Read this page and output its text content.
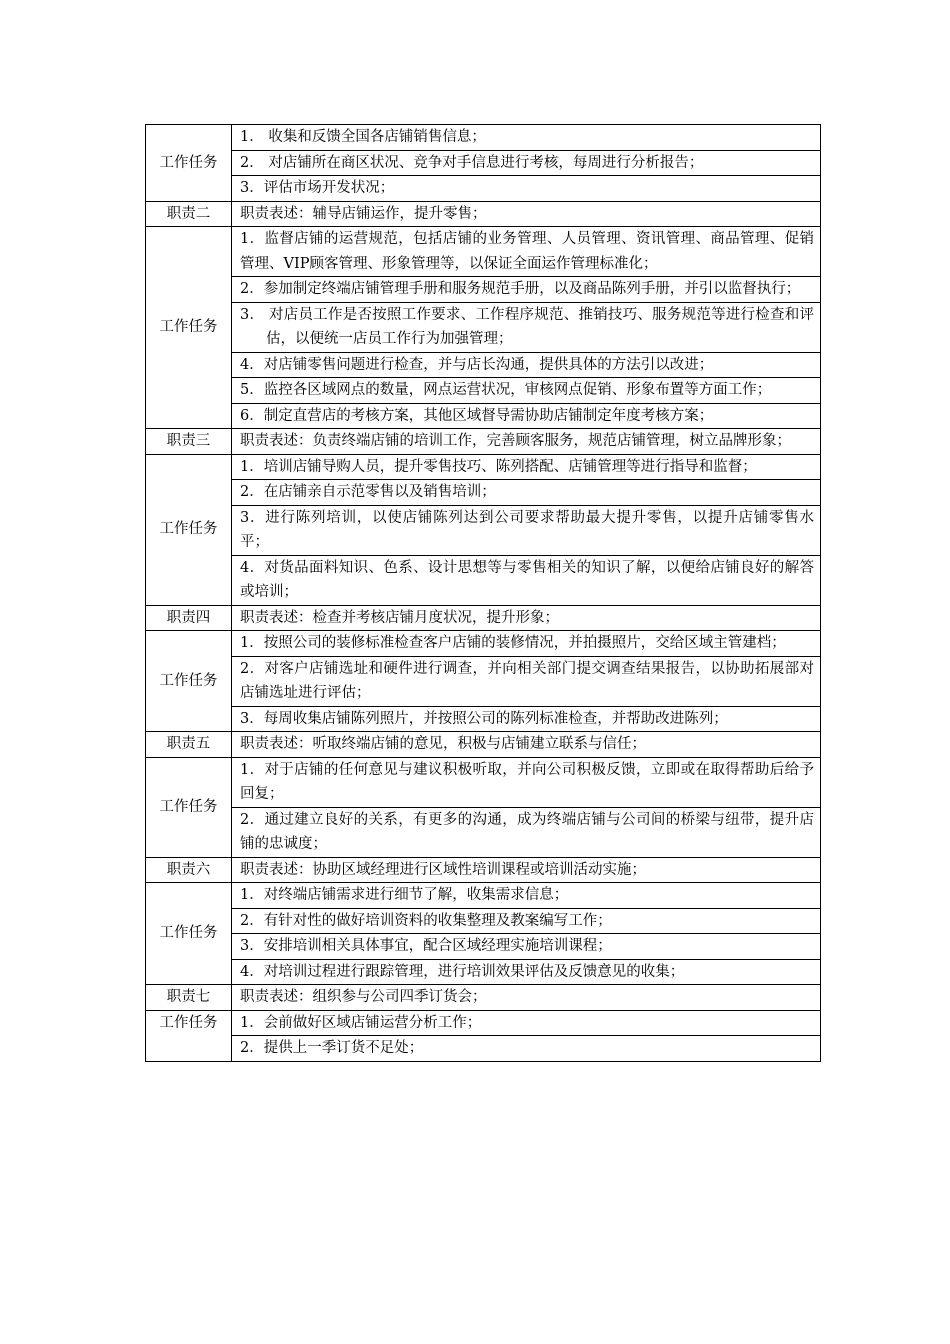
工作任务	1． 收集和反馈全国各店铺销售信息；
	2． 对店铺所在商区状况、竞争对手信息进行考核，每周进行分析报告；
	3．评估市场开发状况；
职责二	职责表述：辅导店铺运作，提升零售；
工作任务	1．监督店铺的运营规范，包括店铺的业务管理、人员管理、资讯管理、商品管理、促销管理、VIP顾客管理、形象管理等，以保证全面运作管理标准化；
	2．参加制定终端店铺管理手册和服务规范手册，以及商品陈列手册，并引以监督执行；
	3． 对店员工作是否按照工作要求、工作程序规范、推销技巧、服务规范等进行检查和评估，以便统一店员工作行为加强管理；
	4．对店铺零售问题进行检查，并与店长沟通，提供具体的方法引以改进；
	5．监控各区域网点的数量，网点运营状况，审核网点促销、形象布置等方面工作；
	6．制定直营店的考核方案，其他区域督导需协助店铺制定年度考核方案；
职责三	职责表述：负责终端店铺的培训工作，完善顾客服务，规范店铺管理，树立品牌形象；
工作任务	1．培训店铺导购人员，提升零售技巧、陈列搭配、店铺管理等进行指导和监督；
	2．在店铺亲自示范零售以及销售培训；
	3．进行陈列培训，以使店铺陈列达到公司要求帮助最大提升零售，以提升店铺零售水平；
	4．对货品面料知识、色系、设计思想等与零售相关的知识了解，以便给店铺良好的解答或培训；
职责四	职责表述：检查并考核店铺月度状况，提升形象；
工作任务	1．按照公司的装修标准检查客户店铺的装修情况，并拍摄照片，交给区域主管建档；
	2．对客户店铺选址和硬件进行调查，并向相关部门提交调查结果报告，以协助拓展部对店铺选址进行评估；
	3．每周收集店铺陈列照片，并按照公司的陈列标准检查，并帮助改进陈列；
职责五	职责表述：听取终端店铺的意见，积极与店铺建立联系与信任；
工作任务	1．对于店铺的任何意见与建议积极听取，并向公司积极反馈，立即或在取得帮助后给予回复；
	2．通过建立良好的关系，有更多的沟通，成为终端店铺与公司间的桥梁与纽带，提升店铺的忠诚度；
职责六	职责表述：协助区域经理进行区域性培训课程或培训活动实施；
工作任务	1．对终端店铺需求进行细节了解，收集需求信息；
	2．有针对性的做好培训资料的收集整理及教案编写工作；
	3．安排培训相关具体事宜，配合区域经理实施培训课程；
	4．对培训过程进行跟踪管理，进行培训效果评估及反馈意见的收集；
职责七	职责表述：组织参与公司四季订货会；
工作任务	1．会前做好区域店铺运营分析工作；
	2．提供上一季订货不足处；
